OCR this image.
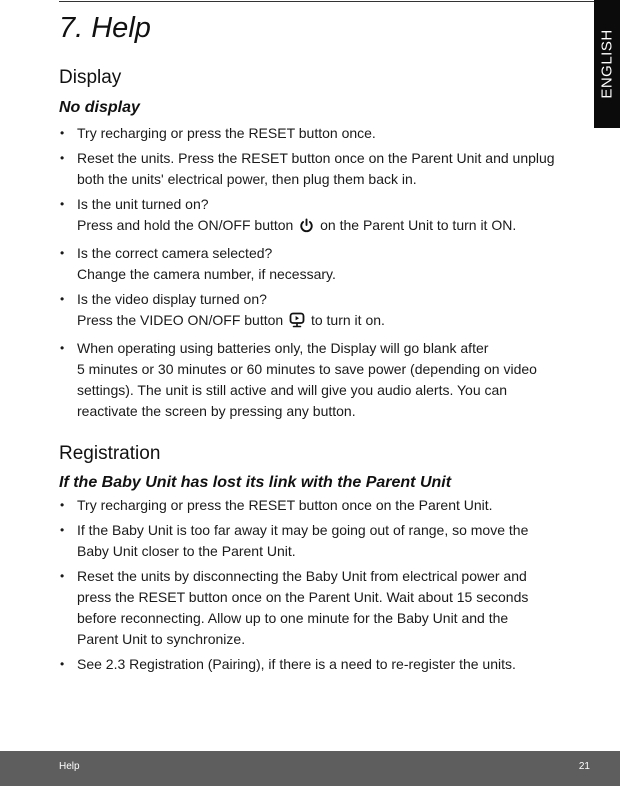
ENGLISH
7. Help
Display
No display
• Try recharging or press the RESET button once.
• Reset the units. Press the RESET button once on the Parent Unit and unplug
both the units' electrical power, then plug them back in.
• Is the unit turned on?
Press and hold the ON/OFF button on the Parent Unit to turn it ON.
• Is the correct camera selected?
Change the camera number, if necessary.
• Is the video display turned on?
Press the VIDEO ON/OFF button to turn it on.
• When operating using batteries only, the Display will go blank after
5 minutes or 30 minutes or 60 minutes to save power (depending on video
settings). The unit is still active and will give you audio alerts. You can
reactivate the screen by pressing any button.
Registration
If the Baby Unit has lost its link with the Parent Unit
• Try recharging or press the RESET button once on the Parent Unit.
• If the Baby Unit is too far away it may be going out of range, so move the
Baby Unit closer to the Parent Unit.
• Reset the units by disconnecting the Baby Unit from electrical power and
press the RESET button once on the Parent Unit. Wait about 15 seconds
before reconnecting. Allow up to one minute for the Baby Unit and the
Parent Unit to synchronize.
• See 2.3 Registration (Pairing), if there is a need to re-register the units.
Help	21
